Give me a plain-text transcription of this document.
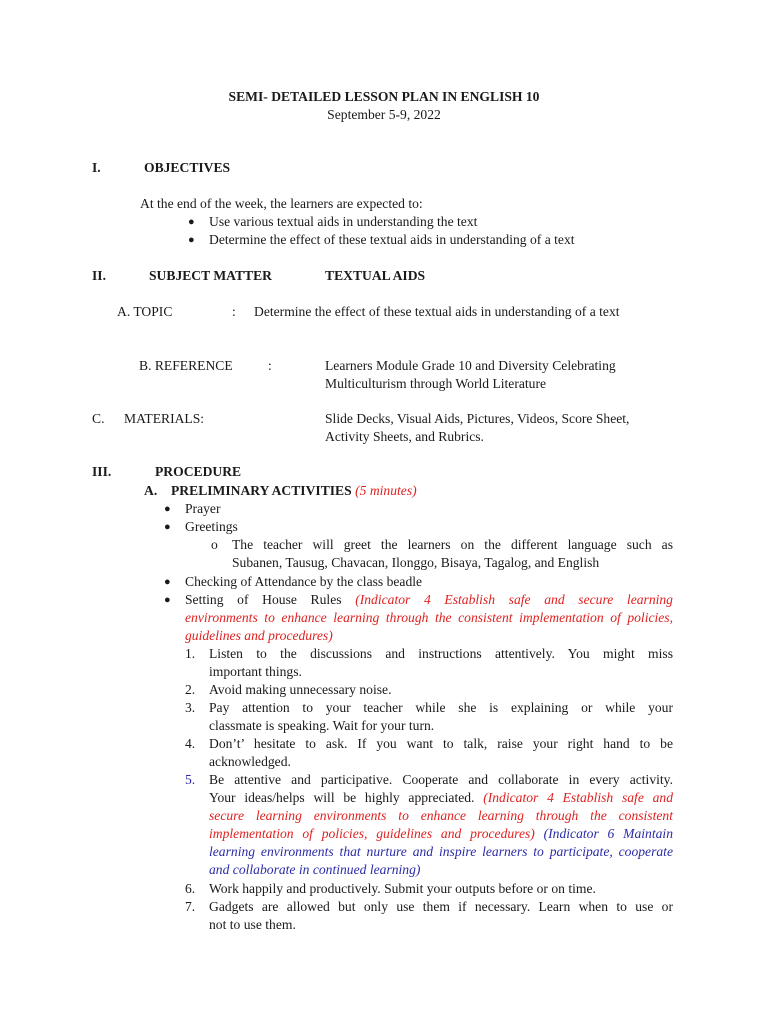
SEMI- DETAILED LESSON PLAN IN ENGLISH 10
September 5-9, 2022
I.	OBJECTIVES
At the end of the week, the learners are expected to:
● Use various textual aids in understanding the text
● Determine the effect of these textual aids in understanding of a text
II.	SUBJECT MATTER	TEXTUAL AIDS
A. TOPIC	: Determine the effect of these textual aids in understanding of a text
B. REFERENCE	:	Learners Module Grade 10 and Diversity Celebrating
Multiculturism through World Literature
C. MATERIALS:	Slide Decks, Visual Aids, Pictures, Videos, Score Sheet,
Activity Sheets, and Rubrics.
III.	PROCEDURE
A. PRELIMINARY ACTIVITIES (5 minutes)
● Prayer
● Greetings
o The teacher will greet the learners on the different language such as
Subanen, Tausug, Chavacan, Ilonggo, Bisaya, Tagalog, and English
● Checking of Attendance by the class beadle
● Setting of House Rules (Indicator 4 Establish safe and secure learning
environments to enhance learning through the consistent implementation of policies,
guidelines and procedures)
1. Listen to the discussions and instructions attentively. You might miss
important things.
2. Avoid making unnecessary noise.
3. Pay attention to your teacher while she is explaining or while your
classmate is speaking. Wait for your turn.
4. Don’t’ hesitate to ask. If you want to talk, raise your right hand to be
acknowledged.
5. Be attentive and participative. Cooperate and collaborate in every activity.
Your ideas/helps will be highly appreciated. (Indicator 4 Establish safe and
secure learning environments to enhance learning through the consistent
implementation of policies, guidelines and procedures) (Indicator 6 Maintain
learning environments that nurture and inspire learners to participate, cooperate
and collaborate in continued learning)
6. Work happily and productively. Submit your outputs before or on time.
7. Gadgets are allowed but only use them if necessary. Learn when to use or
not to use them.
